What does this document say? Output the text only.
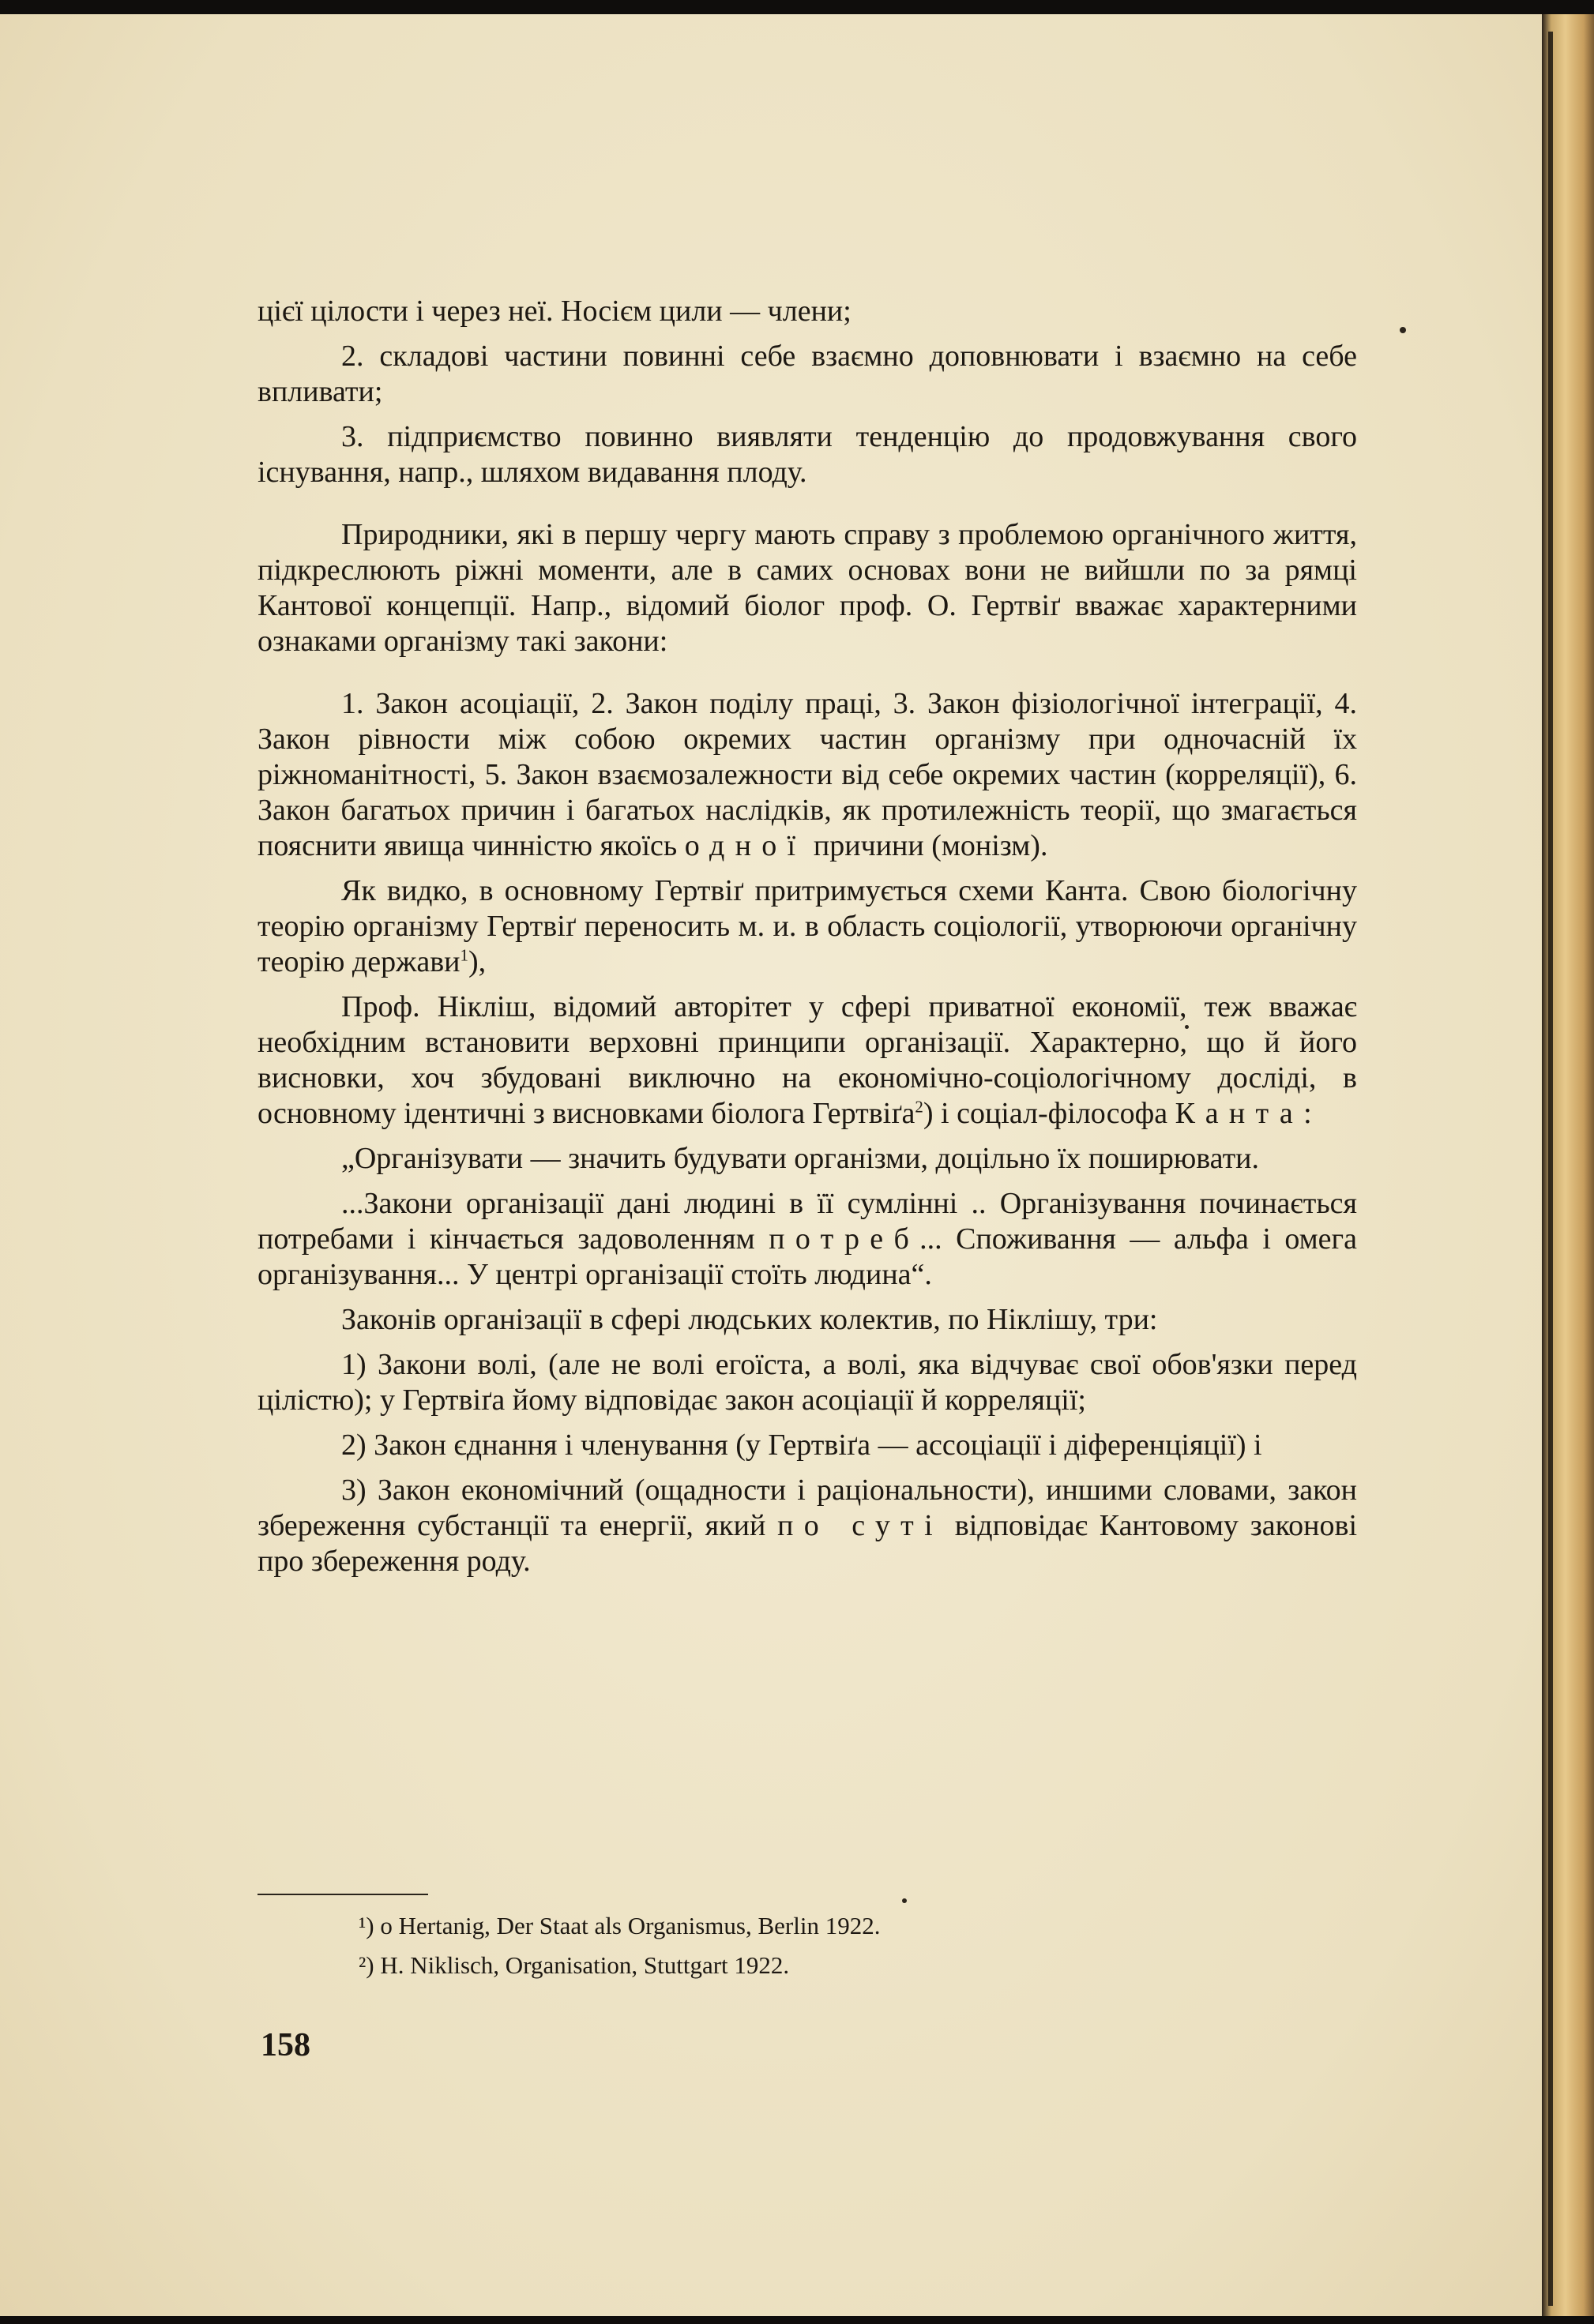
цієї цілости і через неї. Носієм цили — члени;

2. складові частини повинні себе взаємно доповнювати і взаємно на себе впливати;

3. підприємство повинно виявляти тенденцію до продовжування свого існування, напр., шляхом видавання плоду.

Природники, які в першу чергу мають справу з проблемою органічного життя, підкреслюють ріжні моменти, але в самих основах вони не вийшли по за рямці Кантової концепції. Напр., відомий біолог проф. О. Гертвіґ вважає характерними ознаками організму такі закони:

1. Закон асоціації, 2. Закон поділу праці, 3. Закон фізіологічної інтеграції, 4. Закон рівности між собою окремих частин організму при одночасній їх ріжноманітності, 5. Закон взаємозалежности від себе окремих частин (корреляції), 6. Закон багатьох причин і багатьох наслідків, як протилежність теорії, що змагається пояснити явища чинністю якоїсь одної причини (монізм).

Як видко, в основному Гертвіґ притримується схеми Канта. Свою біологічну теорію організму Гертвіґ переносить м. и. в область соціології, утворюючи органічну теорію держави$^1$),

Проф. Нікліш, відомий авторітет у сфері приватної економії, теж вважає необхідним встановити верховні принципи організації. Характерно, що й його висновки, хоч збудовані виключно на економічно-соціологічному досліді, в основному ідентичні з висновками біолога Гертвіґа$^2$) і соціал-філософа Канта:

„Організувати — значить будувати організми, доцільно їх поширювати.

...Закони організації дані людині в її сумлінні .. Організування починається потребами і кінчається задоволенням потреб... Споживання — альфа і омега організування... У центрі організації стоїть людина“.

Законів організації в сфері людських колектив, по Ніклішу, три:

1) Закони волі, (але не волі егоїста, а волі, яка відчуває свої обов'язки перед цілістю); у Гертвіґа йому відповідає закон асоціації й корреляції;

2) Закон єднання і членування (у Гертвіґа — ассоціації і діференціяції) і

3) Закон економічний (ощадности і раціональности), иншими словами, закон збереження субстанції та енергії, який по суті відповідає Кантовому законові про збереження роду.

¹) o Hertanig, Der Staat als Organismus, Berlin 1922.
²) H. Niklisch, Organisation, Stuttgart 1922.
158
